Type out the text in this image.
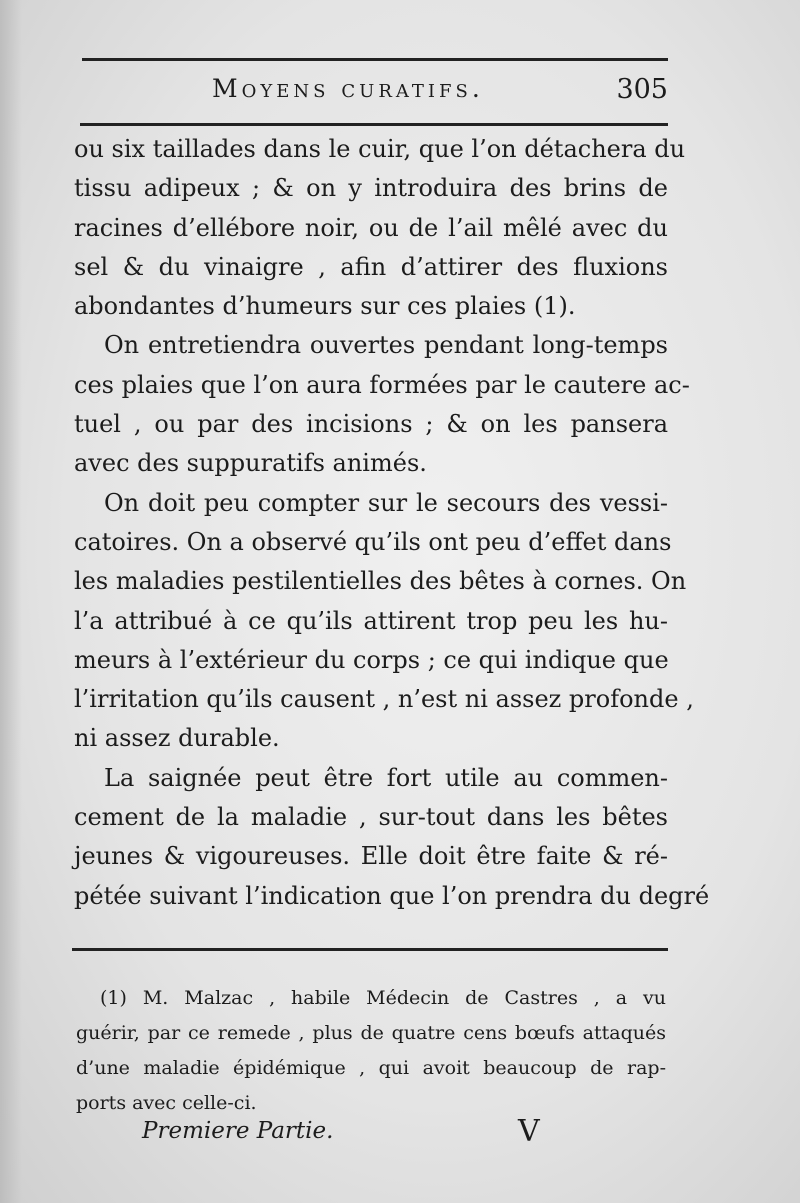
Moyens curatifs.	305
ou six taillades dans le cuir, que l’on détachera du
tissu adipeux ; & on y introduira des brins de
racines d’ellébore noir, ou de l’ail mêlé avec du
sel & du vinaigre , afin d’attirer des fluxions
abondantes d’humeurs sur ces plaies (1).
On entretiendra ouvertes pendant long-temps
ces plaies que l’on aura formées par le cautere ac-
tuel , ou par des incisions ; & on les pansera
avec des suppuratifs animés.
On doit peu compter sur le secours des vessi-
catoires. On a observé qu’ils ont peu d’effet dans
les maladies pestilentielles des bêtes à cornes. On
l’a attribué à ce qu’ils attirent trop peu les hu-
meurs à l’extérieur du corps ; ce qui indique que
l’irritation qu’ils causent , n’est ni assez profonde ,
ni assez durable.
La saignée peut être fort utile au commen-
cement de la maladie , sur-tout dans les bêtes
jeunes & vigoureuses. Elle doit être faite & ré-
pétée suivant l’indication que l’on prendra du degré
(1) M. Malzac , habile Médecin de Castres , a vu
guérir, par ce remede , plus de quatre cens bœufs attaqués
d’une maladie épidémique , qui avoit beaucoup de rap-
ports avec celle-ci.
Premiere Partie.	V
